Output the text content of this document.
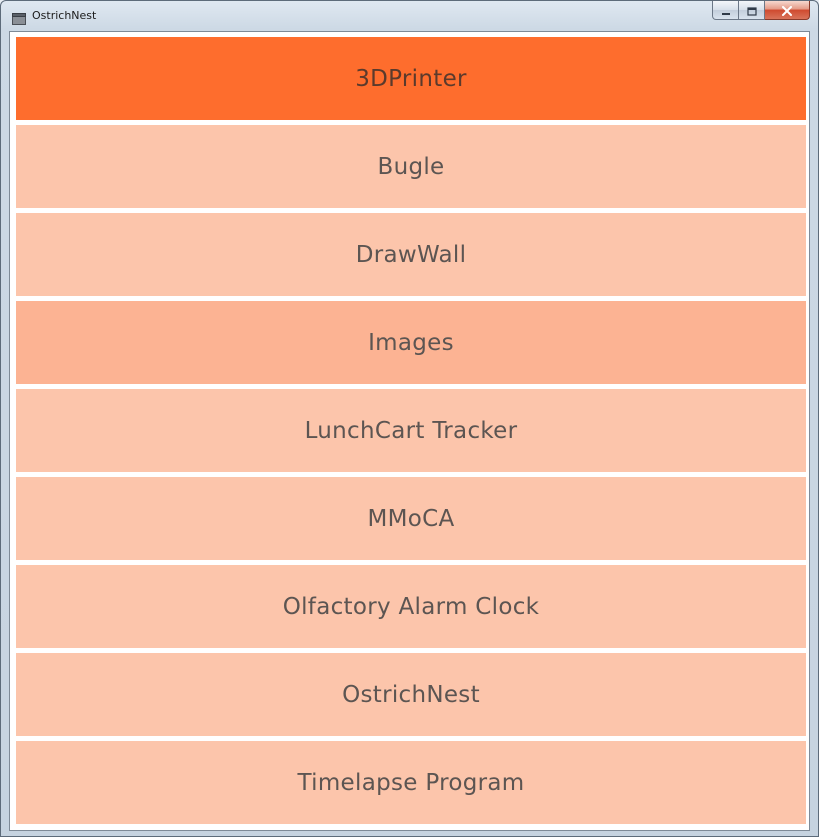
OstrichNest
3DPrinter
Bugle
DrawWall
Images
LunchCart Tracker
MMoCA
Olfactory Alarm Clock
OstrichNest
Timelapse Program
